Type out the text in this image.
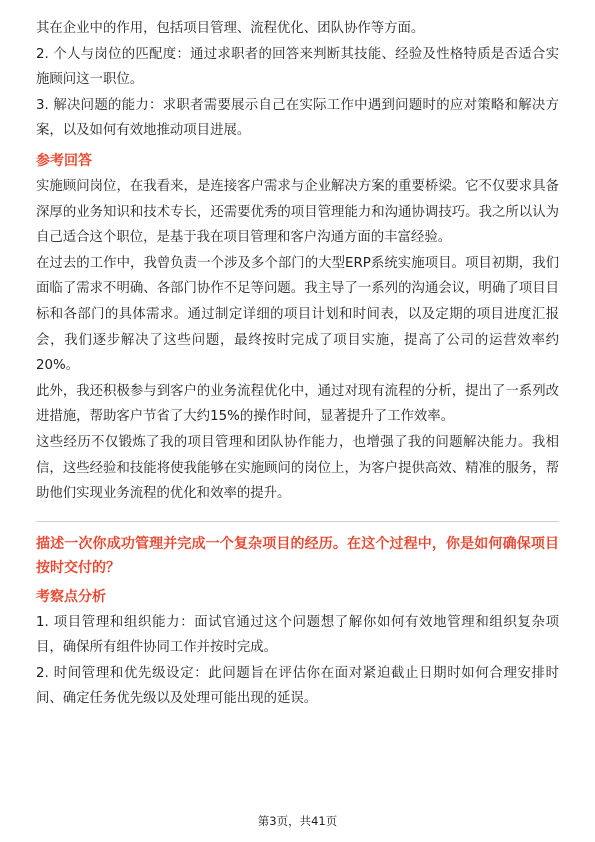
其在企业中的作用，包括项目管理、流程优化、团队协作等方面。

2. 个人与岗位的匹配度：通过求职者的回答来判断其技能、经验及性格特质是否适合实施顾问这一职位。

3. 解决问题的能力：求职者需要展示自己在实际工作中遇到问题时的应对策略和解决方案，以及如何有效地推动项目进展。

参考回答

实施顾问岗位，在我看来，是连接客户需求与企业解决方案的重要桥梁。它不仅要求具备深厚的业务知识和技术专长，还需要优秀的项目管理能力和沟通协调技巧。我之所以认为自己适合这个职位，是基于我在项目管理和客户沟通方面的丰富经验。

在过去的工作中，我曾负责一个涉及多个部门的大型ERP系统实施项目。项目初期，我们面临了需求不明确、各部门协作不足等问题。我主导了一系列的沟通会议，明确了项目目标和各部门的具体需求。通过制定详细的项目计划和时间表，以及定期的项目进度汇报会，我们逐步解决了这些问题，最终按时完成了项目实施，提高了公司的运营效率约20%。

此外，我还积极参与到客户的业务流程优化中，通过对现有流程的分析，提出了一系列改进措施，帮助客户节省了大约15%的操作时间，显著提升了工作效率。

这些经历不仅锻炼了我的项目管理和团队协作能力，也增强了我的问题解决能力。我相信，这些经验和技能将使我能够在实施顾问的岗位上，为客户提供高效、精准的服务，帮助他们实现业务流程的优化和效率的提升。

描述一次你成功管理并完成一个复杂项目的经历。在这个过程中，你是如何确保项目按时交付的？

考察点分析

1. 项目管理和组织能力：面试官通过这个问题想了解你如何有效地管理和组织复杂项目，确保所有组件协同工作并按时完成。

2. 时间管理和优先级设定：此问题旨在评估你在面对紧迫截止日期时如何合理安排时间、确定任务优先级以及处理可能出现的延误。

第3页，共41页
